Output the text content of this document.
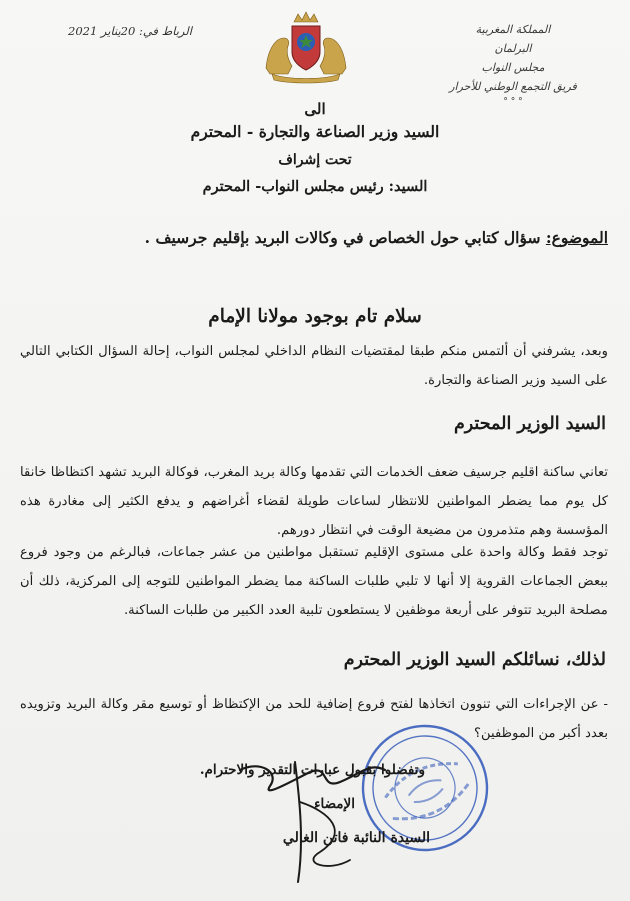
المملكة المغربية
البرلمان
مجلس النواب
فريق التجمع الوطني للأحرار
° ° °
الرباط في: 20يناير 2021
الى
السيد وزير الصناعة والتجارة - المحترم
تحت إشراف
السيد: رئيس مجلس النواب- المحترم
الموضوع: سؤال كتابي حول الخصاص في وكالات البريد بإقليم جرسيف .
سلام تام بوجود مولانا الإمام
وبعد، يشرفني أن ألتمس منكم طبقا لمقتضيات النظام الداخلي لمجلس النواب، إحالة السؤال الكتابي التالي على السيد وزير الصناعة والتجارة.
السيد الوزير المحترم
تعاني ساكنة اقليم جرسيف ضعف الخدمات التي تقدمها وكالة بريد المغرب، فوكالة البريد تشهد اكتظاظا خانقا كل يوم مما يضطر المواطنين للانتظار لساعات طويلة لقضاء أغراضهم و يدفع الكثير إلى مغادرة هذه المؤسسة وهم متذمرون من مضيعة الوقت في انتظار دورهم.
توجد فقط وكالة واحدة على مستوى الإقليم تستقبل مواطنين من عشر جماعات، فبالرغم من وجود فروع ببعض الجماعات القروية إلا أنها لا تلبي طلبات الساكنة مما يضطر المواطنين للتوجه إلى المركزية، ذلك أن مصلحة البريد تتوفر على أربعة موظفين لا يستطعون تلبية العدد الكبير من طلبات الساكنة.
لذلك، نسائلكم السيد الوزير المحترم
- عن الإجراءات التي تنوون اتخاذها لفتح فروع إضافية للحد من الإكتظاظ أو توسيع مقر وكالة البريد وتزويده بعدد أكبر من الموظفين؟
وتفضلوا بقبول عبارات التقدير والاحترام.
الإمضاء
السيدة النائبة فاتن الغالي
